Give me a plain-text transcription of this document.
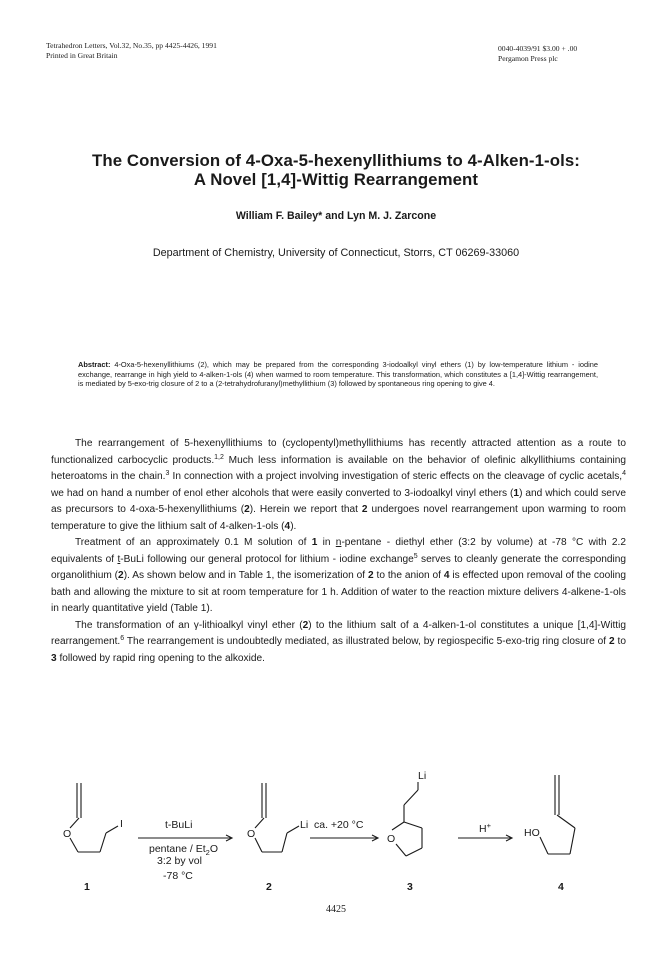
Tetrahedron Letters, Vol.32, No.35, pp 4425-4426, 1991
Printed in Great Britain
0040-4039/91 $3.00 + .00
Pergamon Press plc
The Conversion of 4-Oxa-5-hexenyllithiums to 4-Alken-1-ols:
A Novel [1,4]-Wittig Rearrangement
William F. Bailey* and Lyn M. J. Zarcone
Department of Chemistry, University of Connecticut, Storrs, CT 06269-33060
Abstract: 4-Oxa-5-hexenyllithiums (2), which may be prepared from the corresponding 3-iodoalkyl vinyl ethers (1) by low-temperature lithium - iodine exchange, rearrange in high yield to 4-alken-1-ols (4) when warmed to room temperature. This transformation, which constitutes a [1,4]-Wittig rearrangement, is mediated by 5-exo-trig closure of 2 to a (2-tetrahydrofuranyl)methyllithium (3) followed by spontaneous ring opening to give 4.

The rearrangement of 5-hexenyllithiums to (cyclopentyl)methyllithiums has recently attracted attention as a route to functionalized carbocyclic products.$^{1,2}$ Much less information is available on the behavior of olefinic alkyllithiums containing heteroatoms in the chain.$^3$ In connection with a project involving investigation of steric effects on the cleavage of cyclic acetals,$^4$ we had on hand a number of enol ether alcohols that were easily converted to 3-iodoalkyl vinyl ethers (1) and which could serve as precursors to 4-oxa-5-hexenyllithiums (2). Herein we report that 2 undergoes novel rearrangement upon warming to room temperature to give the lithium salt of 4-alken-1-ols (4).

Treatment of an approximately 0.1 M solution of 1 in n-pentane - diethyl ether (3:2 by volume) at -78 °C with 2.2 equivalents of t-BuLi following our general protocol for lithium - iodine exchange$^5$ serves to cleanly generate the corresponding organolithium (2). As shown below and in Table 1, the isomerization of 2 to the anion of 4 is effected upon removal of the cooling bath and allowing the mixture to sit at room temperature for 1 h. Addition of water to the reaction mixture delivers 4-alkene-1-ols in nearly quantitative yield (Table 1).

The transformation of an γ-lithioalkyl vinyl ether (2) to the lithium salt of a 4-alken-1-ol constitutes a unique [1,4]-Wittig rearrangement.$^6$ The rearrangement is undoubtedly mediated, as illustrated below, by regiospecific 5-exo-trig ring closure of 2 to 3 followed by rapid ring opening to the alkoxide.

O
I	t-BuLi
pentane / $Et_2O$
3:2 by vol
-78 °C
O
Li ca. +20 °C
Li
O
H+
HO
1	2	3	4
4425
